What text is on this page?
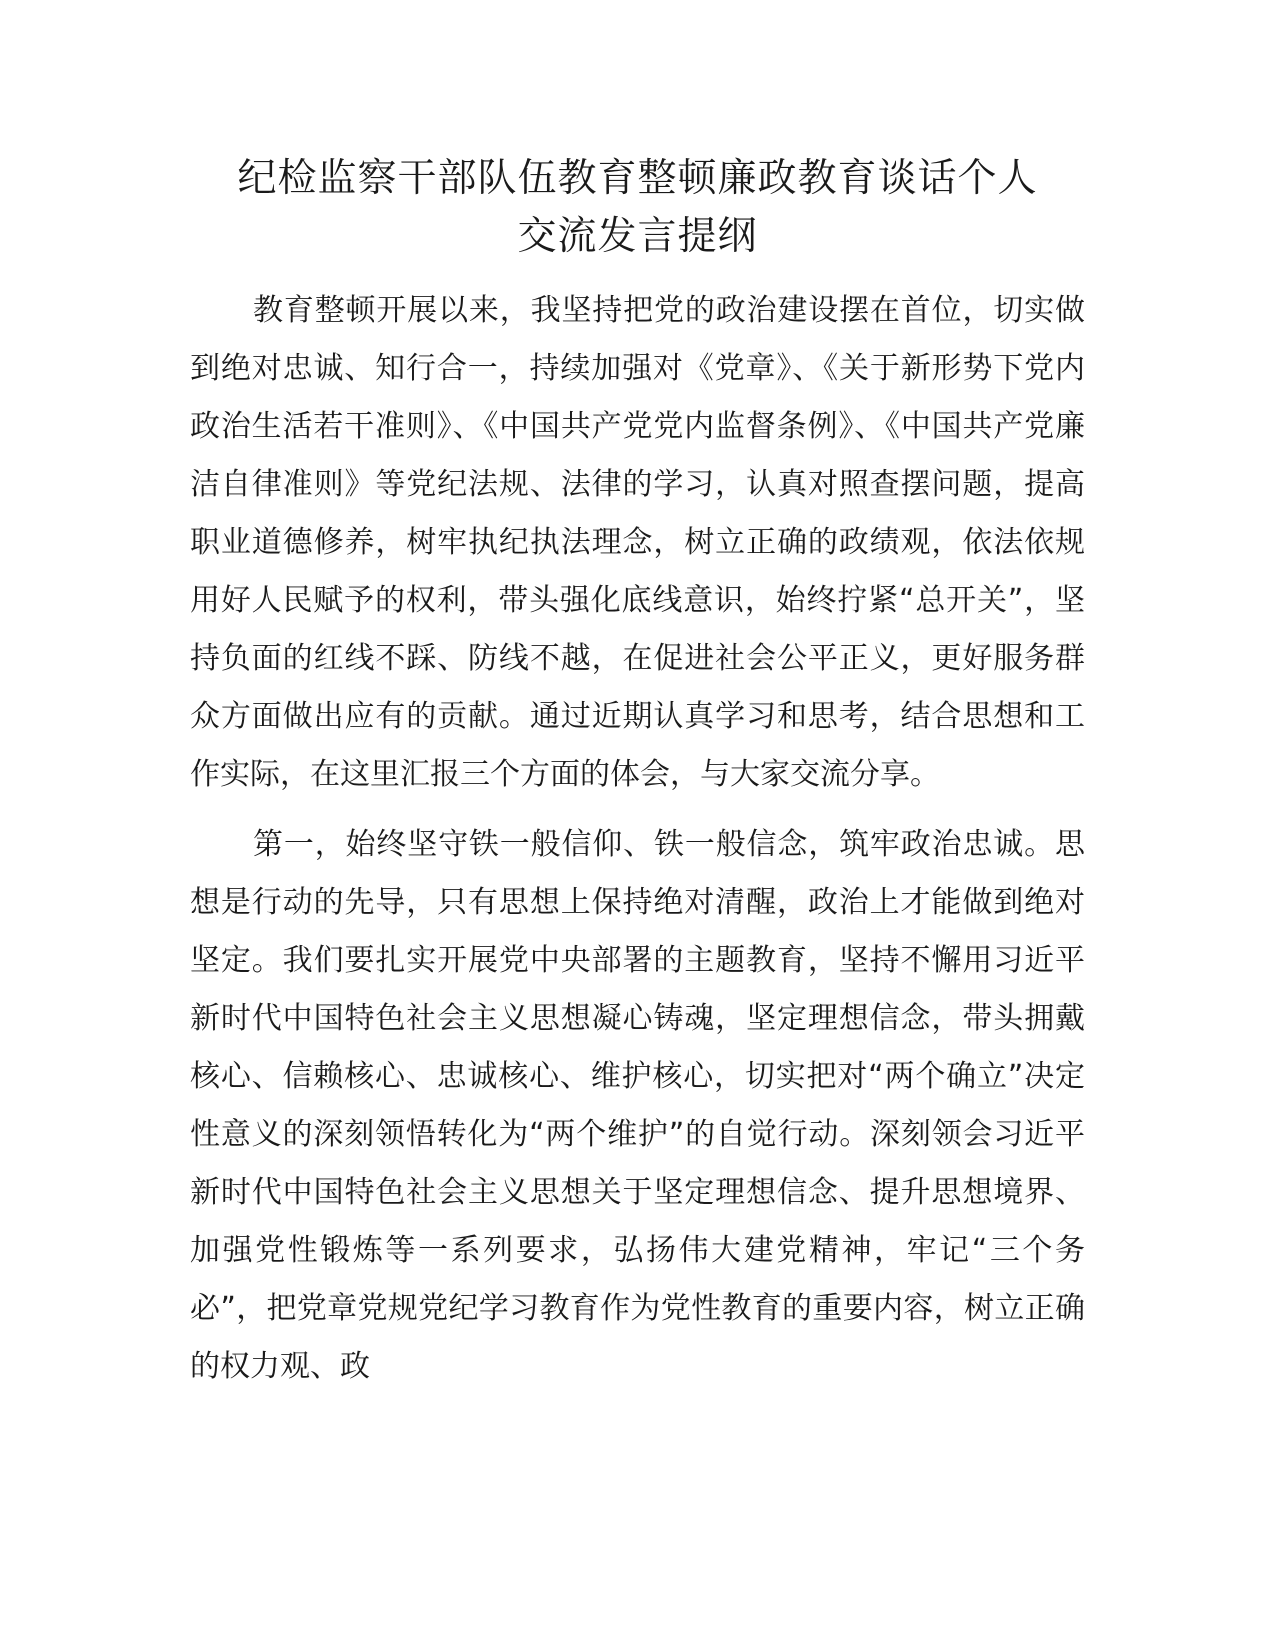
纪检监察干部队伍教育整顿廉政教育谈话个人
交流发言提纲

教育整顿开展以来，我坚持把党的政治建设摆在首位，切实做到绝对忠诚、知行合一，持续加强对《党章》、《关于新形势下党内政治生活若干准则》、《中国共产党党内监督条例》、《中国共产党廉洁自律准则》等党纪法规、法律的学习，认真对照查摆问题，提高职业道德修养，树牢执纪执法理念，树立正确的政绩观，依法依规用好人民赋予的权利，带头强化底线意识，始终拧紧“总开关”，坚持负面的红线不踩、防线不越，在促进社会公平正义，更好服务群众方面做出应有的贡献。通过近期认真学习和思考，结合思想和工作实际，在这里汇报三个方面的体会，与大家交流分享。

第一，始终坚守铁一般信仰、铁一般信念，筑牢政治忠诚。思想是行动的先导，只有思想上保持绝对清醒，政治上才能做到绝对坚定。我们要扎实开展党中央部署的主题教育，坚持不懈用习近平新时代中国特色社会主义思想凝心铸魂，坚定理想信念，带头拥戴核心、信赖核心、忠诚核心、维护核心，切实把对“两个确立”决定性意义的深刻领悟转化为“两个维护”的自觉行动。深刻领会习近平新时代中国特色社会主义思想关于坚定理想信念、提升思想境界、加强党性锻炼等一系列要求，弘扬伟大建党精神，牢记“三个务必”，把党章党规党纪学习教育作为党性教育的重要内容，树立正确的权力观、政
